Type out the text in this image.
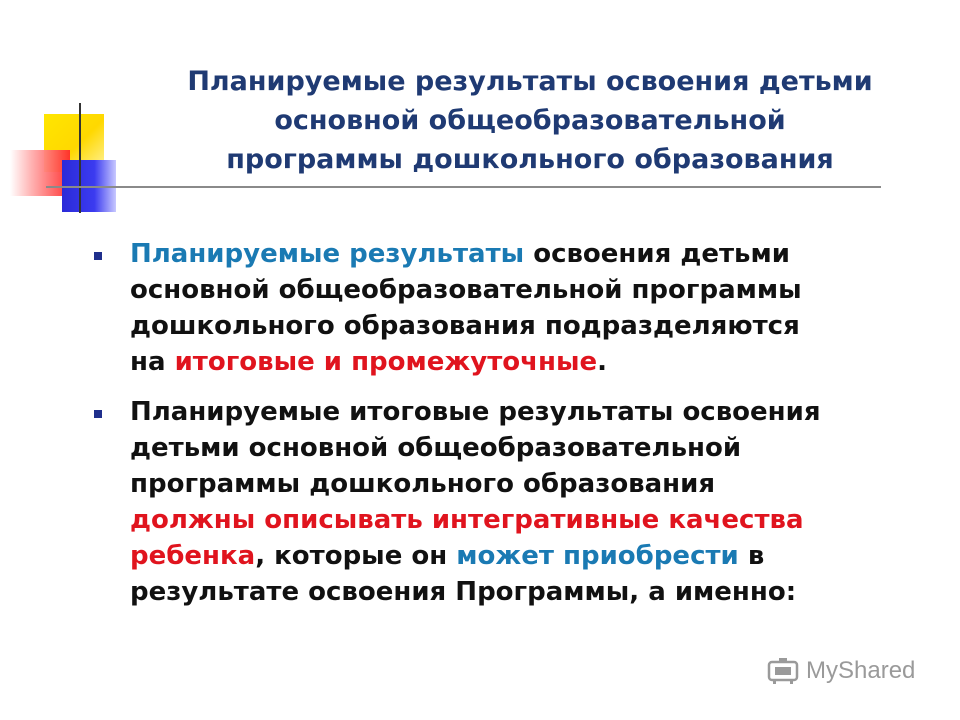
Планируемые результаты освоения детьми
основной общеобразовательной
программы дошкольного образования
Планируемые результаты освоения детьми
основной общеобразовательной программы
дошкольного образования подразделяются
на итоговые и промежуточные.
Планируемые итоговые результаты освоения
детьми основной общеобразовательной
программы дошкольного образования
должны описывать интегративные качества
ребенка, которые он может приобрести в
результате освоения Программы, а именно:
MyShared
